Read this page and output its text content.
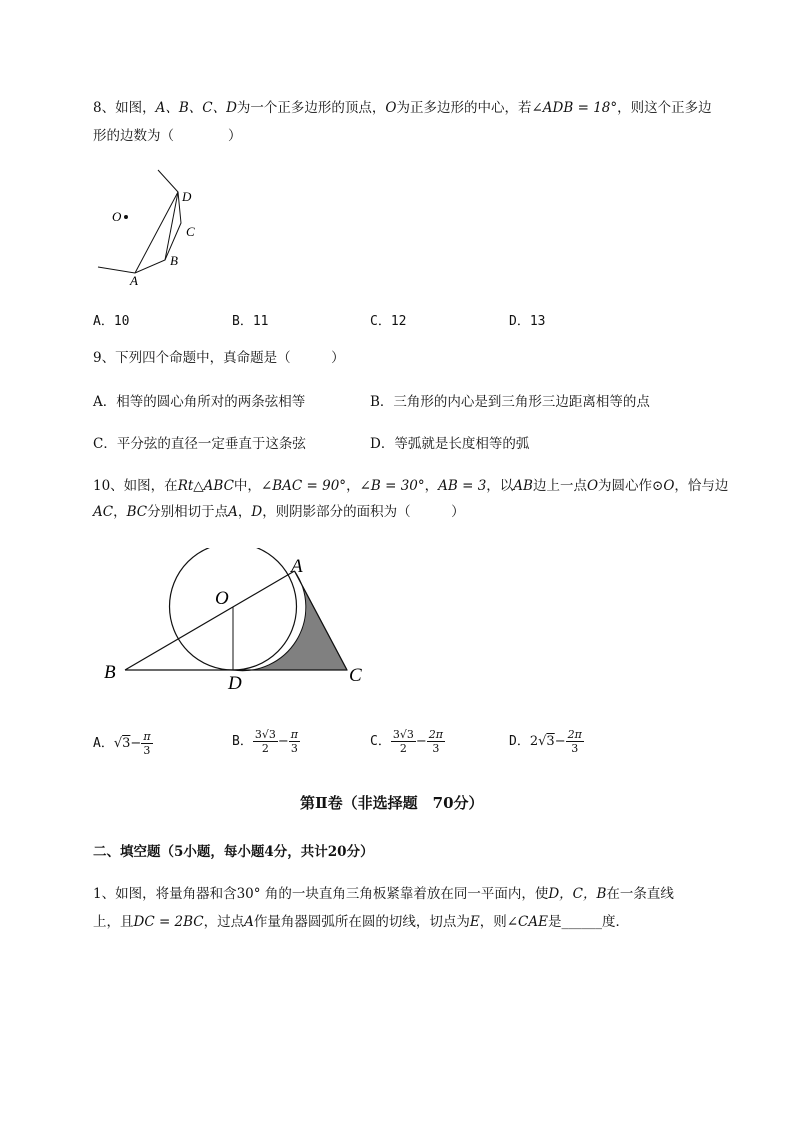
8、如图，A、B、C、D为一个正多边形的顶点，O为正多边形的中心，若∠ADB = 18°，则这个正多边
形的边数为（　　　　）
O
D
C
B
A
A．10	B．11	C．12	D．13
9、下列四个命题中，真命题是（　　　）
A．相等的圆心角所对的两条弦相等	B．三角形的内心是到三角形三边距离相等的点
C．平分弦的直径一定垂直于这条弦	D．等弧就是长度相等的弧
10、如图，在Rt△ABC中，∠BAC = 90°，∠B = 30°，AB = 3，以AB边上一点O为圆心作⊙O，恰与边
AC，BC分别相切于点A，D，则阴影部分的面积为（　　　）
A
O
B
D	C
A．$√3- \frac{\pi}{3}$	B． $\frac{3√3}{2} - \frac{\pi}{3}$	C． $\frac{3√3}{2} - \frac{2\pi}{3}$	D．$2√3- \frac{2\pi}{3}$
第Ⅱ卷（非选择题　70分）
二、填空题（5小题，每小题4分，共计20分）
1、如图，将量角器和含30° 角的一块直角三角板紧靠着放在同一平面内，使D，C，B在一条直线
上，且DC = 2BC，过点A作量角器圆弧所在圆的切线，切点为E，则∠CAE是______度．
